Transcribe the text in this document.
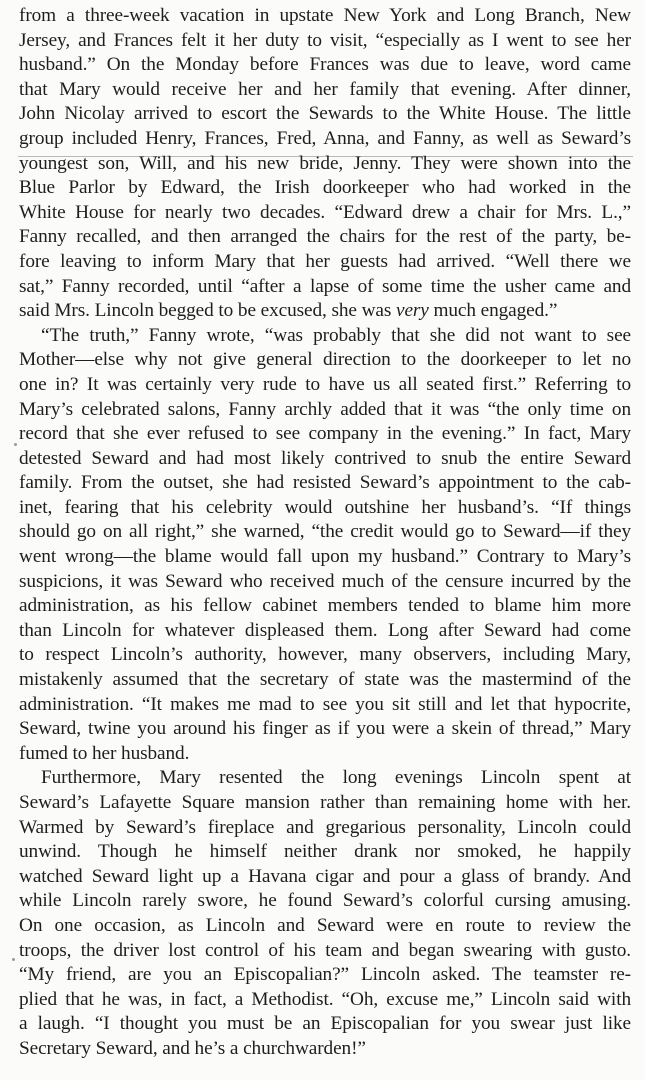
from a three-week vacation in upstate New York and Long Branch, New
Jersey, and Frances felt it her duty to visit, “especially as I went to see her
husband.” On the Monday before Frances was due to leave, word came
that Mary would receive her and her family that evening. After dinner,
John Nicolay arrived to escort the Sewards to the White House. The little
group included Henry, Frances, Fred, Anna, and Fanny, as well as Seward’s
youngest son, Will, and his new bride, Jenny. They were shown into the
Blue Parlor by Edward, the Irish doorkeeper who had worked in the
White House for nearly two decades. “Edward drew a chair for Mrs. L.,”
Fanny recalled, and then arranged the chairs for the rest of the party, be-
fore leaving to inform Mary that her guests had arrived. “Well there we
sat,” Fanny recorded, until “after a lapse of some time the usher came and
said Mrs. Lincoln begged to be excused, she was very much engaged.”

“The truth,” Fanny wrote, “was probably that she did not want to see
Mother—else why not give general direction to the doorkeeper to let no
one in? It was certainly very rude to have us all seated first.” Referring to
Mary’s celebrated salons, Fanny archly added that it was “the only time on
record that she ever refused to see company in the evening.” In fact, Mary
detested Seward and had most likely contrived to snub the entire Seward
family. From the outset, she had resisted Seward’s appointment to the cab-
inet, fearing that his celebrity would outshine her husband’s. “If things
should go on all right,” she warned, “the credit would go to Seward—if they
went wrong—the blame would fall upon my husband.” Contrary to Mary’s
suspicions, it was Seward who received much of the censure incurred by the
administration, as his fellow cabinet members tended to blame him more
than Lincoln for whatever displeased them. Long after Seward had come
to respect Lincoln’s authority, however, many observers, including Mary,
mistakenly assumed that the secretary of state was the mastermind of the
administration. “It makes me mad to see you sit still and let that hypocrite,
Seward, twine you around his finger as if you were a skein of thread,” Mary
fumed to her husband.

Furthermore, Mary resented the long evenings Lincoln spent at
Seward’s Lafayette Square mansion rather than remaining home with her.
Warmed by Seward’s fireplace and gregarious personality, Lincoln could
unwind. Though he himself neither drank nor smoked, he happily
watched Seward light up a Havana cigar and pour a glass of brandy. And
while Lincoln rarely swore, he found Seward’s colorful cursing amusing.
On one occasion, as Lincoln and Seward were en route to review the
troops, the driver lost control of his team and began swearing with gusto.
“My friend, are you an Episcopalian?” Lincoln asked. The teamster re-
plied that he was, in fact, a Methodist. “Oh, excuse me,” Lincoln said with
a laugh. “I thought you must be an Episcopalian for you swear just like
Secretary Seward, and he’s a churchwarden!”
